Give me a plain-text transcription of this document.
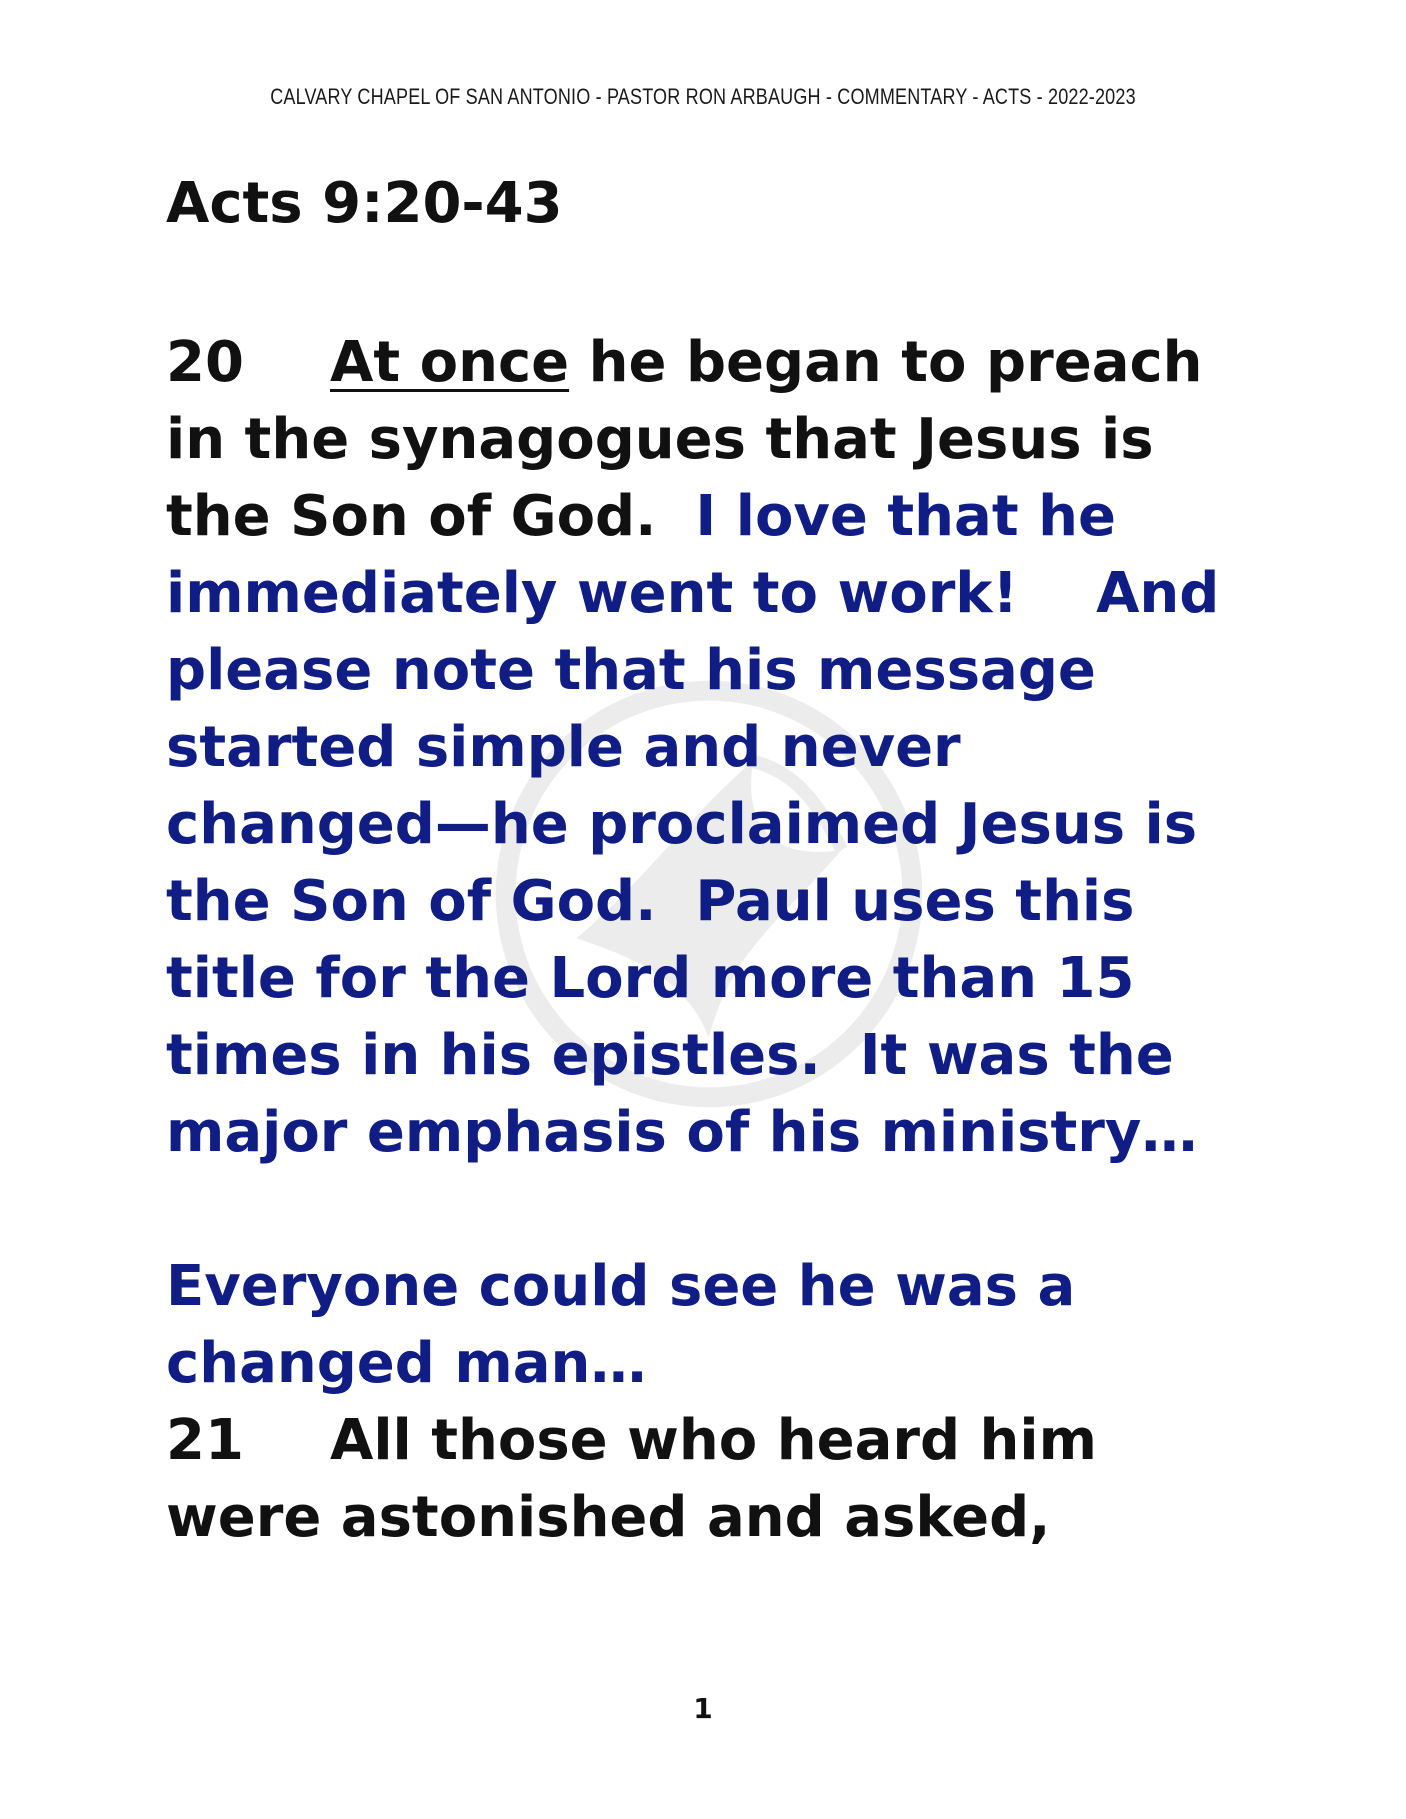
CALVARY CHAPEL OF SAN ANTONIO - PASTOR RON ARBAUGH - COMMENTARY - ACTS - 2022-2023
Acts 9:20-43

20 At once he began to preach in the synagogues that Jesus is the Son of God. I love that he immediately went to work!    And please note that his message started simple and never changed—he proclaimed Jesus is the Son of God.  Paul uses this title for the Lord more than 15 times in his epistles.  It was the major emphasis of his ministry…

Everyone could see he was a changed man…

21 All those who heard him were astonished and asked,

1
